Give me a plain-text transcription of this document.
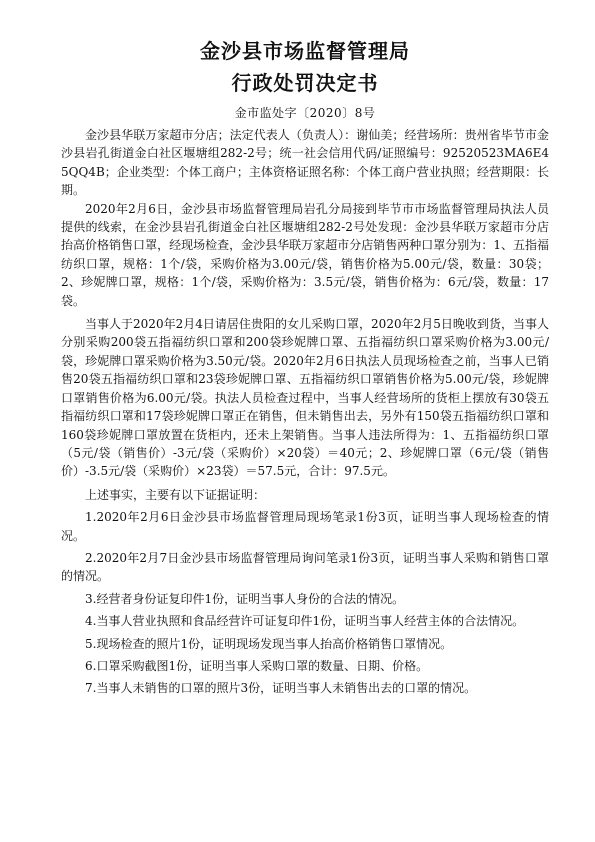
金沙县市场监督管理局
行政处罚决定书
金市监处字〔2020〕8号

金沙县华联万家超市分店；法定代表人（负责人）：谢仙美；经营场所：贵州省毕节市金沙县岩孔街道金白社区堰塘组282-2号；统一社会信用代码/证照编号：92520523MA6E45QQ4B；企业类型：个体工商户；主体资格证照名称：个体工商户营业执照；经营期限：长期。

2020年2月6日，金沙县市场监督管理局岩孔分局接到毕节市市场监督管理局执法人员提供的线索，在金沙县岩孔街道金白社区堰塘组282-2号处发现：金沙县华联万家超市分店抬高价格销售口罩，经现场检查，金沙县华联万家超市分店销售两种口罩分别为：1、五指福纺织口罩，规格：1个/袋，采购价格为3.00元/袋，销售价格为5.00元/袋，数量：30袋；2、珍妮牌口罩，规格：1个/袋，采购价格为：3.5元/袋，销售价格为：6元/袋，数量：17袋。

当事人于2020年2月4日请居住贵阳的女儿采购口罩，2020年2月5日晚收到货，当事人分别采购200袋五指福纺织口罩和200袋珍妮牌口罩、五指福纺织口罩采购价格为3.00元/袋，珍妮牌口罩采购价格为3.50元/袋。2020年2月6日执法人员现场检查之前，当事人已销售20袋五指福纺织口罩和23袋珍妮牌口罩、五指福纺织口罩销售价格为5.00元/袋，珍妮牌口罩销售价格为6.00元/袋。执法人员检查过程中，当事人经营场所的货柜上摆放有30袋五指福纺织口罩和17袋珍妮牌口罩正在销售，但未销售出去，另外有150袋五指福纺织口罩和160袋珍妮牌口罩放置在货柜内，还未上架销售。当事人违法所得为：1、五指福纺织口罩（5元/袋（销售价）-3元/袋（采购价）×20袋）＝40元；2、珍妮牌口罩（6元/袋（销售价）-3.5元/袋（采购价）×23袋）＝57.5元，合计：97.5元。

上述事实，主要有以下证据证明：

1.2020年2月6日金沙县市场监督管理局现场笔录1份3页，证明当事人现场检查的情况。

2.2020年2月7日金沙县市场监督管理局询问笔录1份3页，证明当事人采购和销售口罩的情况。

3.经营者身份证复印件1份，证明当事人身份的合法的情况。

4.当事人营业执照和食品经营许可证复印件1份，证明当事人经营主体的合法情况。

5.现场检查的照片1份，证明现场发现当事人抬高价格销售口罩情况。

6.口罩采购截图1份，证明当事人采购口罩的数量、日期、价格。

7.当事人未销售的口罩的照片3份，证明当事人未销售出去的口罩的情况。
